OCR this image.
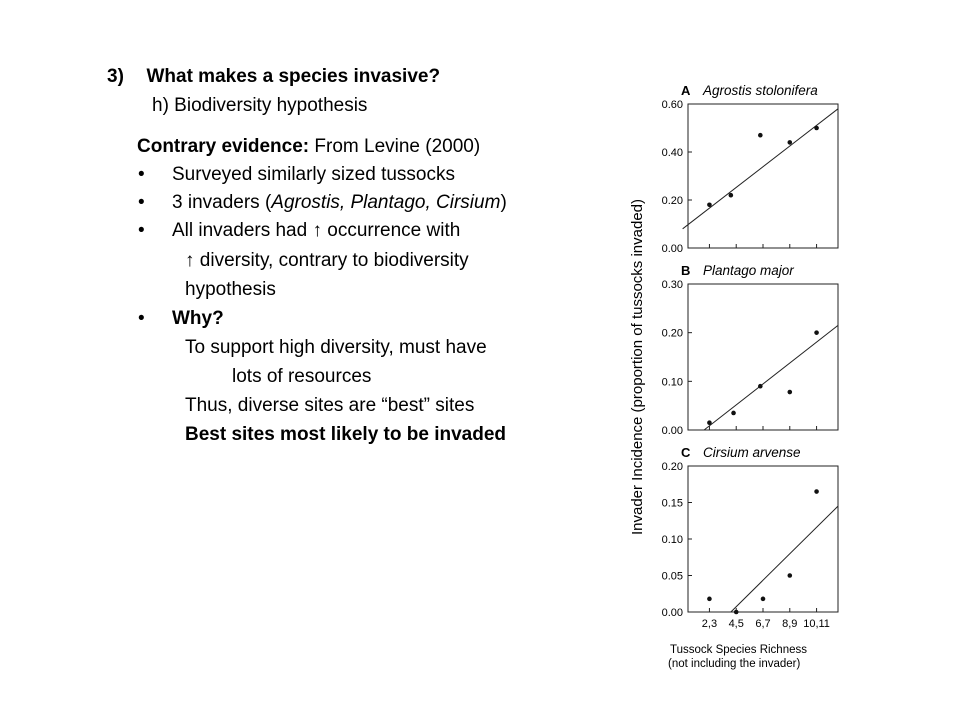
3) What makes a species invasive?
h) Biodiversity hypothesis
Contrary evidence: From Levine (2000)
• Surveyed similarly sized tussocks
• 3 invaders (Agrostis, Plantago, Cirsium)
• All invaders had ↑ occurrence with
↑ diversity, contrary to biodiversity
hypothesis
• Why?
To support high diversity, must have
lots of resources
Thus, diverse sites are “best” sites
Best sites most likely to be invaded	Invader Incidence (proportion of tussocks invaded)
Tussock Species Richness
(not including the invader)
A Agrostis stolonifera
0.00
0.20
0.40
0.60
B Plantago major
0.00
0.10
0.20
0.30
C Cirsium arvense
0.00
0.05
0.10
0.15
0.20
2,3 4,5 6,7 8,9 10,11
